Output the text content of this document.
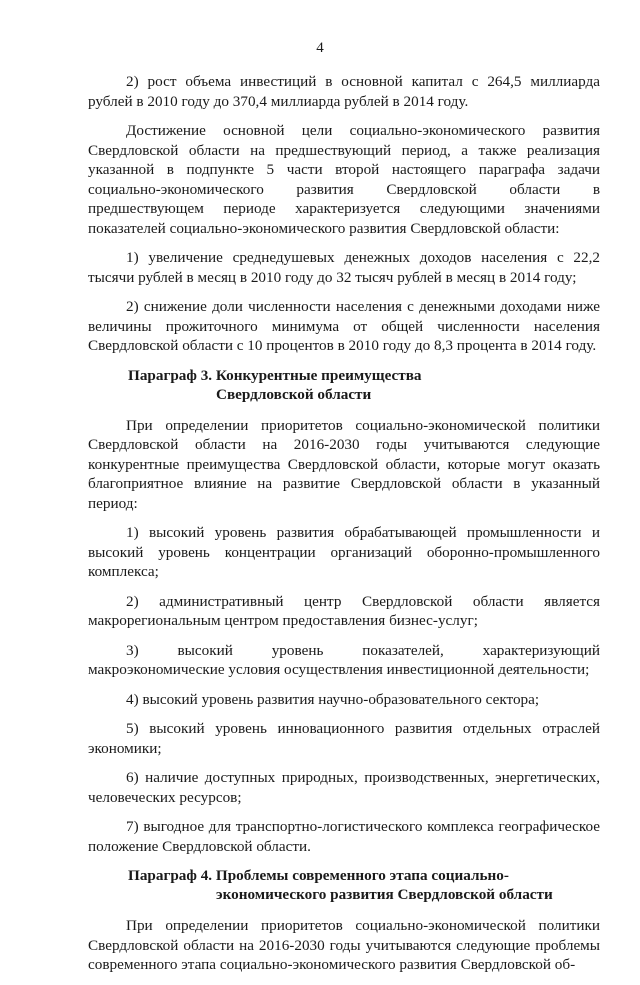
4

2) рост объема инвестиций в основной капитал с 264,5 миллиарда рублей в 2010 году до 370,4 миллиарда рублей в 2014 году.

Достижение основной цели социально-экономического развития Свердловской области на предшествующий период, а также реализация указанной в подпункте 5 части второй настоящего параграфа задачи социально-экономического развития Свердловской области в предшествующем периоде характеризуется следующими значениями показателей социально-экономического развития Свердловской области:

1) увеличение среднедушевых денежных доходов населения с 22,2 тысячи рублей в месяц в 2010 году до 32 тысяч рублей в месяц в 2014 году;

2) снижение доли численности населения с денежными доходами ниже величины прожиточного минимума от общей численности населения Свердловской области с 10 процентов в 2010 году до 8,3 процента в 2014 году.

Параграф 3. Конкурентные преимущества
Свердловской области

При определении приоритетов социально-экономической политики Свердловской области на 2016-2030 годы учитываются следующие конкурентные преимущества Свердловской области, которые могут оказать благоприятное влияние на развитие Свердловской области в указанный период:

1) высокий уровень развития обрабатывающей промышленности и высокий уровень концентрации организаций оборонно-промышленного комплекса;

2) административный центр Свердловской области является макрорегиональным центром предоставления бизнес-услуг;

3) высокий уровень показателей, характеризующий макроэкономические условия осуществления инвестиционной деятельности;

4) высокий уровень развития научно-образовательного сектора;

5) высокий уровень инновационного развития отдельных отраслей экономики;

6) наличие доступных природных, производственных, энергетических, человеческих ресурсов;

7) выгодное для транспортно-логистического комплекса географическое положение Свердловской области.

Параграф 4. Проблемы современного этапа социально-
экономического развития Свердловской области

При определении приоритетов социально-экономической политики Свердловской области на 2016-2030 годы учитываются следующие проблемы современного этапа социально-экономического развития Свердловской об-
